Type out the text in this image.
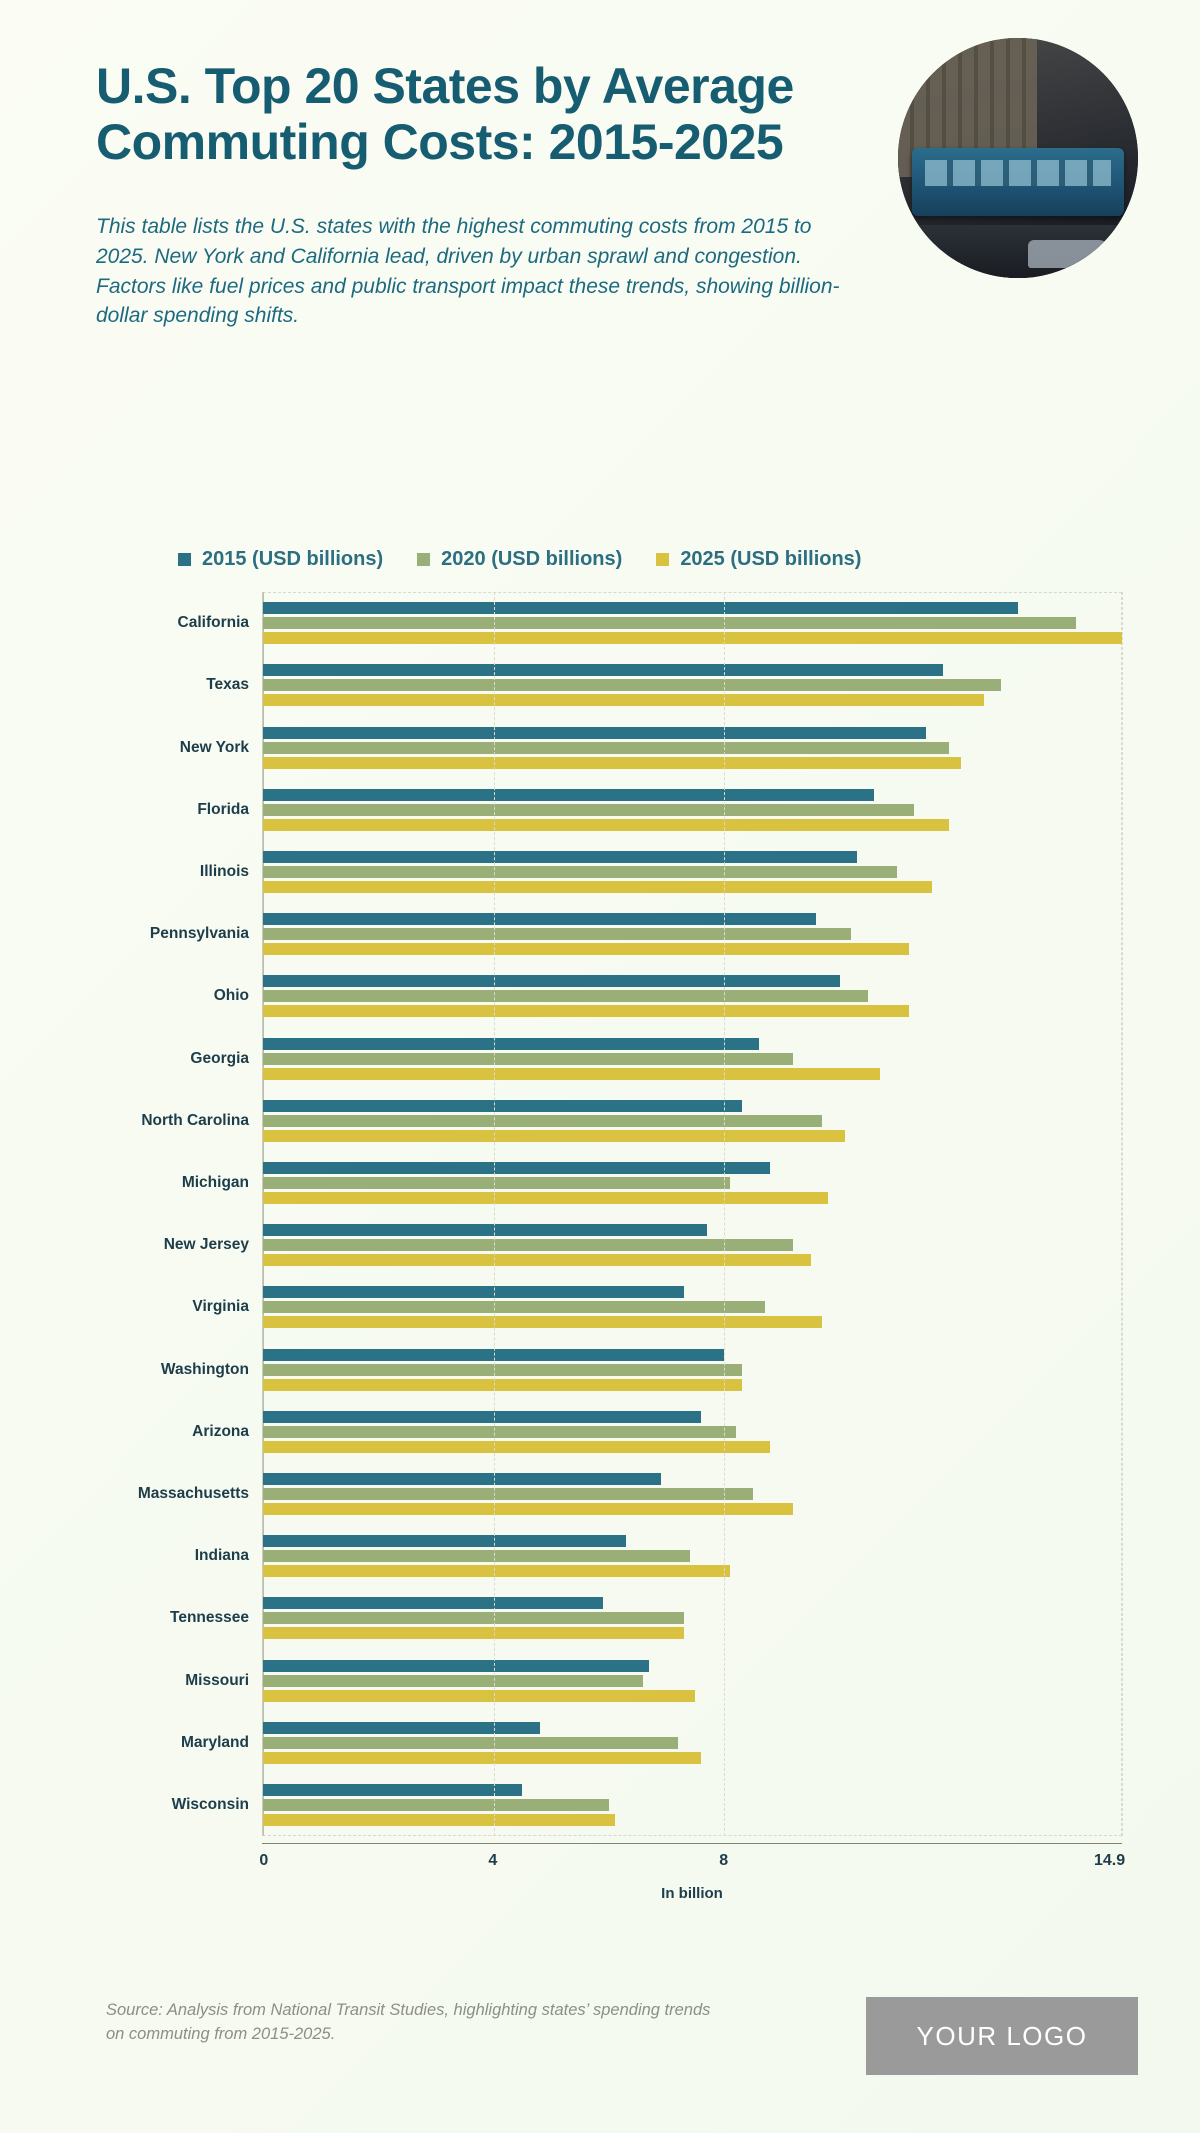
U.S. Top 20 States by Average Commuting Costs: 2015-2025
This table lists the U.S. states with the highest commuting costs from 2015 to 2025. New York and California lead, driven by urban sprawl and congestion. Factors like fuel prices and public transport impact these trends, showing billion-dollar spending shifts.
2015 (USD billions)	2020 (USD billions)	2025 (USD billions)
California
Texas
New York
Florida
Illinois
Pennsylvania
Ohio
Georgia
North Carolina
Michigan
New Jersey
Virginia
Washington
Arizona
Massachusetts
Indiana
Tennessee
Missouri
Maryland
Wisconsin
In billion
0	4	8	14.9
Source: Analysis from National Transit Studies, highlighting states’ spending trends on commuting from 2015-2025.	YOUR LOGO
